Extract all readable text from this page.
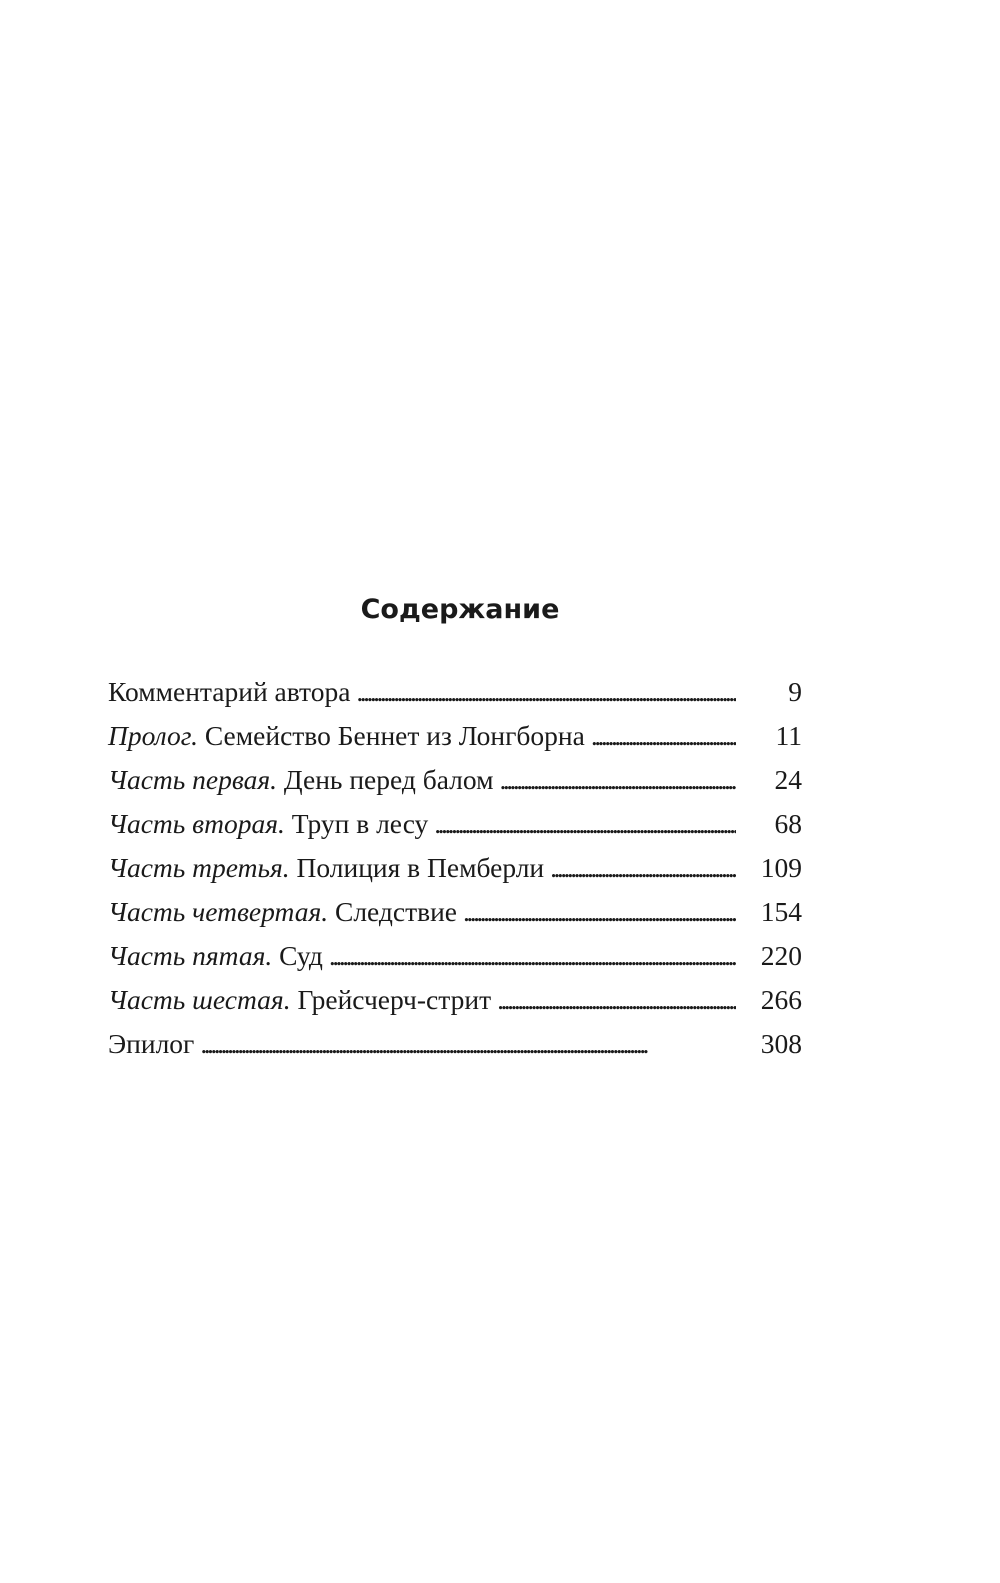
Содержание
Комментарий автора . . .	9
Пролог. Семейство Беннет из Лонгборна . . .	11
Часть первая. День перед балом . . .	24
Часть вторая. Труп в лесу . . .	68
Часть третья. Полиция в Пемберли . . .	109
Часть четвертая. Следствие . . .	154
Часть пятая. Суд . . .	220
Часть шестая. Грейсчерч-стрит . . .	266
Эпилог . . .	308
